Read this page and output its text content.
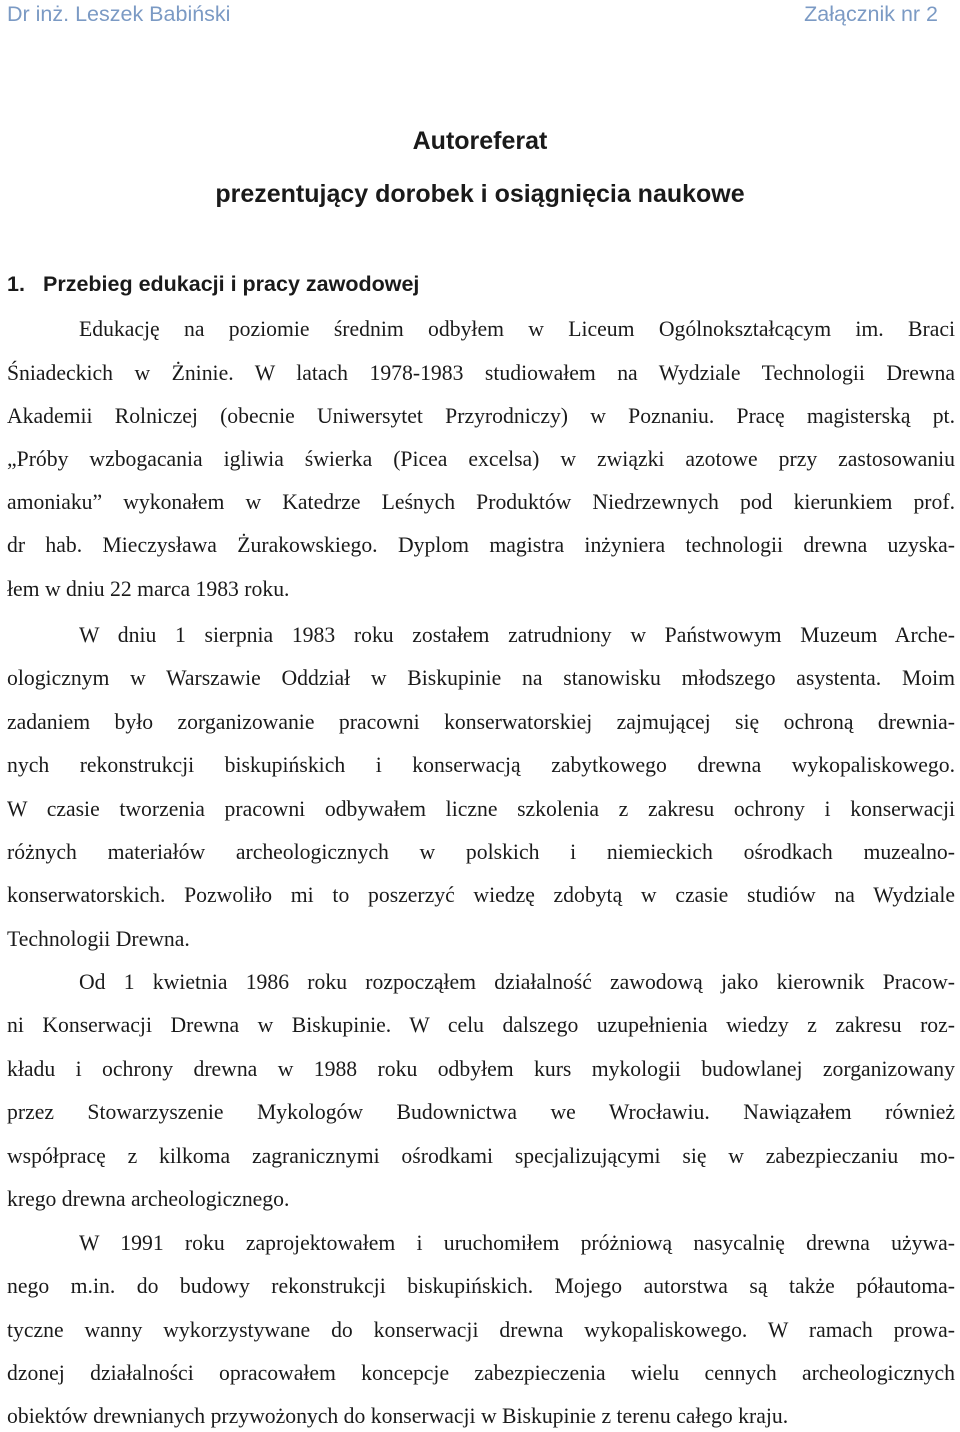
Dr inż. Leszek Babiński	Załącznik nr 2
Autoreferat
prezentujący dorobek i osiągnięcia naukowe
1. Przebieg edukacji i pracy zawodowej
Edukację na poziomie średnim odbyłem w Liceum Ogólnokształcącym im. Braci
Śniadeckich w Żninie. W latach 1978-1983 studiowałem na Wydziale Technologii Drewna
Akademii Rolniczej (obecnie Uniwersytet Przyrodniczy) w Poznaniu. Pracę magisterską pt.
„Próby wzbogacania igliwia świerka (Picea excelsa) w związki azotowe przy zastosowaniu
amoniaku” wykonałem w Katedrze Leśnych Produktów Niedrzewnych pod kierunkiem prof.
dr hab. Mieczysława Żurakowskiego. Dyplom magistra inżyniera technologii drewna uzyska-
łem w dniu 22 marca 1983 roku.
W dniu 1 sierpnia 1983 roku zostałem zatrudniony w Państwowym Muzeum Arche-
ologicznym w Warszawie Oddział w Biskupinie na stanowisku młodszego asystenta. Moim
zadaniem było zorganizowanie pracowni konserwatorskiej zajmującej się ochroną drewnia-
nych rekonstrukcji biskupińskich i konserwacją zabytkowego drewna wykopaliskowego.
W czasie tworzenia pracowni odbywałem liczne szkolenia z zakresu ochrony i konserwacji
różnych materiałów archeologicznych w polskich i niemieckich ośrodkach muzealno-
konserwatorskich. Pozwoliło mi to poszerzyć wiedzę zdobytą w czasie studiów na Wydziale
Technologii Drewna.
Od 1 kwietnia 1986 roku rozpocząłem działalność zawodową jako kierownik Pracow-
ni Konserwacji Drewna w Biskupinie. W celu dalszego uzupełnienia wiedzy z zakresu roz-
kładu i ochrony drewna w 1988 roku odbyłem kurs mykologii budowlanej zorganizowany
przez Stowarzyszenie Mykologów Budownictwa we Wrocławiu. Nawiązałem również
współpracę z kilkoma zagranicznymi ośrodkami specjalizującymi się w zabezpieczaniu mo-
krego drewna archeologicznego.
W 1991 roku zaprojektowałem i uruchomiłem próżniową nasycalnię drewna używa-
nego m.in. do budowy rekonstrukcji biskupińskich. Mojego autorstwa są także półautoma-
tyczne wanny wykorzystywane do konserwacji drewna wykopaliskowego. W ramach prowa-
dzonej działalności opracowałem koncepcje zabezpieczenia wielu cennych archeologicznych
obiektów drewnianych przywożonych do konserwacji w Biskupinie z terenu całego kraju.
